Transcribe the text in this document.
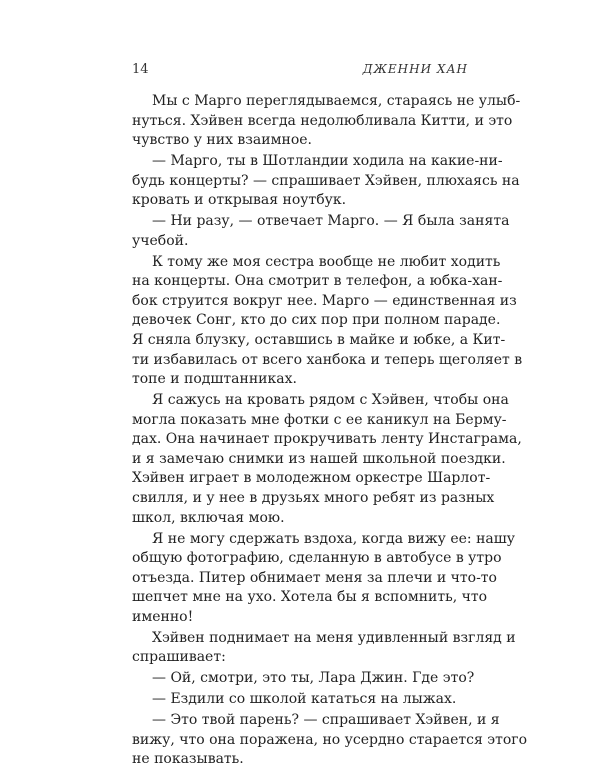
14	ДЖЕННИ ХАН
Мы с Марго переглядываемся, стараясь не улыб-
нуться. Хэйвен всегда недолюбливала Китти, и это
чувство у них взаимное.
— Марго, ты в Шотландии ходила на какие-ни-
будь концерты? — спрашивает Хэйвен, плюхаясь на
кровать и открывая ноутбук.
— Ни разу, — отвечает Марго. — Я была занята
учебой.
К тому же моя сестра вообще не любит ходить
на концерты. Она смотрит в телефон, а юбка-хан-
бок струится вокруг нее. Марго — единственная из
девочек Сонг, кто до сих пор при полном параде.
Я сняла блузку, оставшись в майке и юбке, а Кит-
ти избавилась от всего ханбока и теперь щеголяет в
топе и подштанниках.
Я сажусь на кровать рядом с Хэйвен, чтобы она
могла показать мне фотки с ее каникул на Берму-
дах. Она начинает прокручивать ленту Инстаграма,
и я замечаю снимки из нашей школьной поездки.
Хэйвен играет в молодежном оркестре Шарлот-
свилля, и у нее в друзьях много ребят из разных
школ, включая мою.
Я не могу сдержать вздоха, когда вижу ее: нашу
общую фотографию, сделанную в автобусе в утро
отъезда. Питер обнимает меня за плечи и что-то
шепчет мне на ухо. Хотела бы я вспомнить, что
именно!
Хэйвен поднимает на меня удивленный взгляд и
спрашивает:
— Ой, смотри, это ты, Лара Джин. Где это?
— Ездили со школой кататься на лыжах.
— Это твой парень? — спрашивает Хэйвен, и я
вижу, что она поражена, но усердно старается этого
не показывать.
